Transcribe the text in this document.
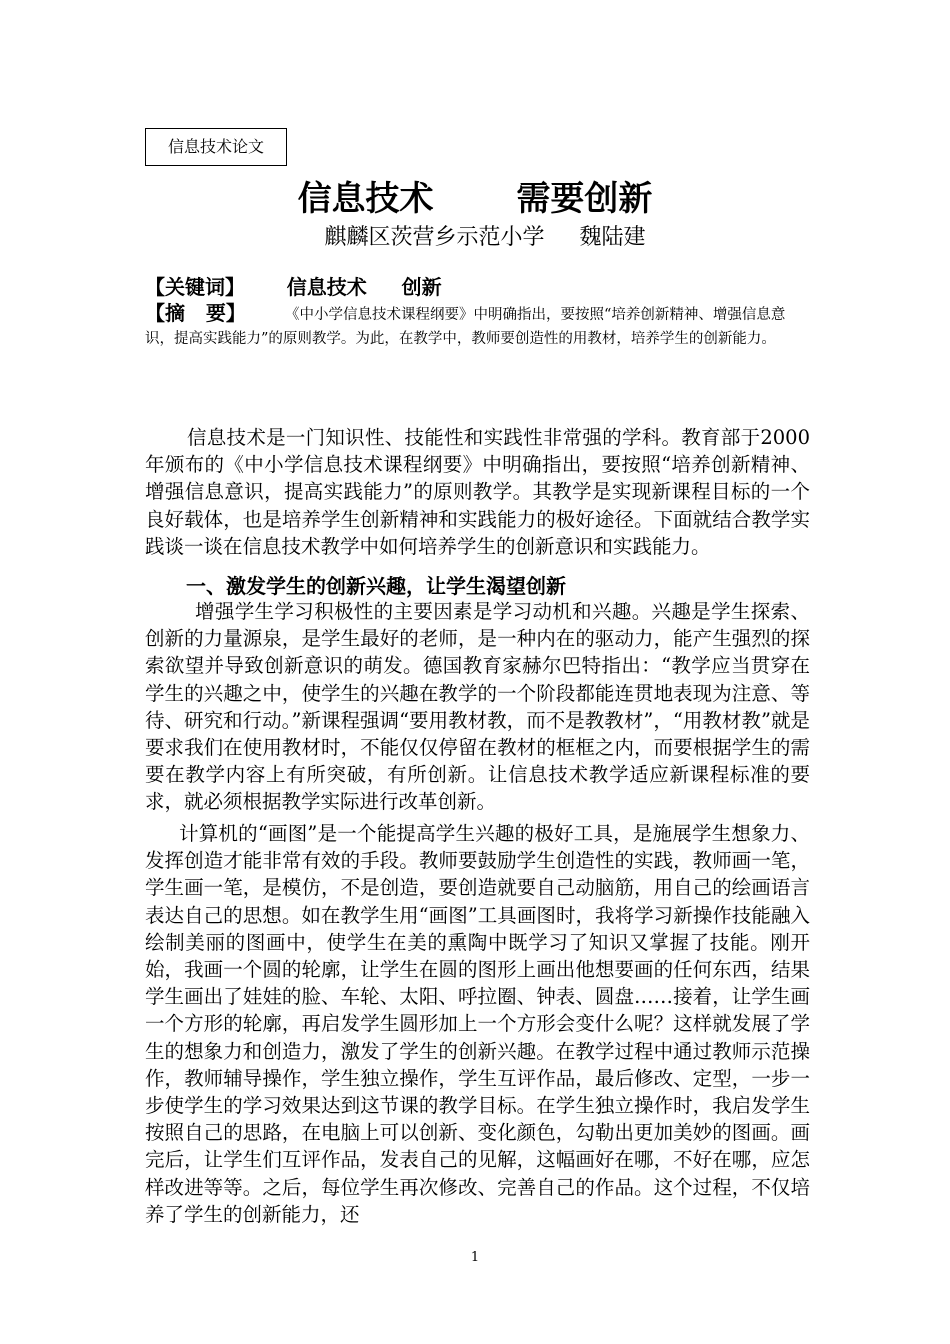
信息技术论文
信息技术       需要创新
麒麟区茨营乡示范小学     魏陆建
【关键词】      信息技术     创新
【摘   要】	《中小学信息技术课程纲要》中明确指出，要按照“培养创新精神、增强信息意识，提高实践能力”的原则教学。为此，在教学中，教师要创造性的用教材，培养学生的创新能力。
信息技术是一门知识性、技能性和实践性非常强的学科。教育部于2000年颁布的《中小学信息技术课程纲要》中明确指出，要按照“培养创新精神、增强信息意识，提高实践能力”的原则教学。其教学是实现新课程目标的一个良好载体，也是培养学生创新精神和实践能力的极好途径。下面就结合教学实践谈一谈在信息技术教学中如何培养学生的创新意识和实践能力。
一、激发学生的创新兴趣，让学生渴望创新
增强学生学习积极性的主要因素是学习动机和兴趣。兴趣是学生探索、创新的力量源泉，是学生最好的老师，是一种内在的驱动力，能产生强烈的探索欲望并导致创新意识的萌发。德国教育家赫尔巴特指出：“教学应当贯穿在学生的兴趣之中，使学生的兴趣在教学的一个阶段都能连贯地表现为注意、等待、研究和行动。”新课程强调“要用教材教，而不是教教材”，“用教材教”就是要求我们在使用教材时，不能仅仅停留在教材的框框之内，而要根据学生的需要在教学内容上有所突破，有所创新。让信息技术教学适应新课程标准的要求，就必须根据教学实际进行改革创新。
计算机的“画图”是一个能提高学生兴趣的极好工具，是施展学生想象力、发挥创造才能非常有效的手段。教师要鼓励学生创造性的实践，教师画一笔，学生画一笔，是模仿，不是创造，要创造就要自己动脑筋，用自己的绘画语言表达自己的思想。如在教学生用“画图”工具画图时，我将学习新操作技能融入绘制美丽的图画中，使学生在美的熏陶中既学习了知识又掌握了技能。刚开始，我画一个圆的轮廓，让学生在圆的图形上画出他想要画的任何东西，结果学生画出了娃娃的脸、车轮、太阳、呼拉圈、钟表、圆盘……接着，让学生画一个方形的轮廓，再启发学生圆形加上一个方形会变什么呢？这样就发展了学生的想象力和创造力，激发了学生的创新兴趣。在教学过程中通过教师示范操作，教师辅导操作，学生独立操作，学生互评作品，最后修改、定型，一步一步使学生的学习效果达到这节课的教学目标。在学生独立操作时，我启发学生按照自己的思路，在电脑上可以创新、变化颜色，勾勒出更加美妙的图画。画完后，让学生们互评作品，发表自己的见解，这幅画好在哪，不好在哪，应怎样改进等等。之后，每位学生再次修改、完善自己的作品。这个过程，不仅培养了学生的创新能力，还
1
